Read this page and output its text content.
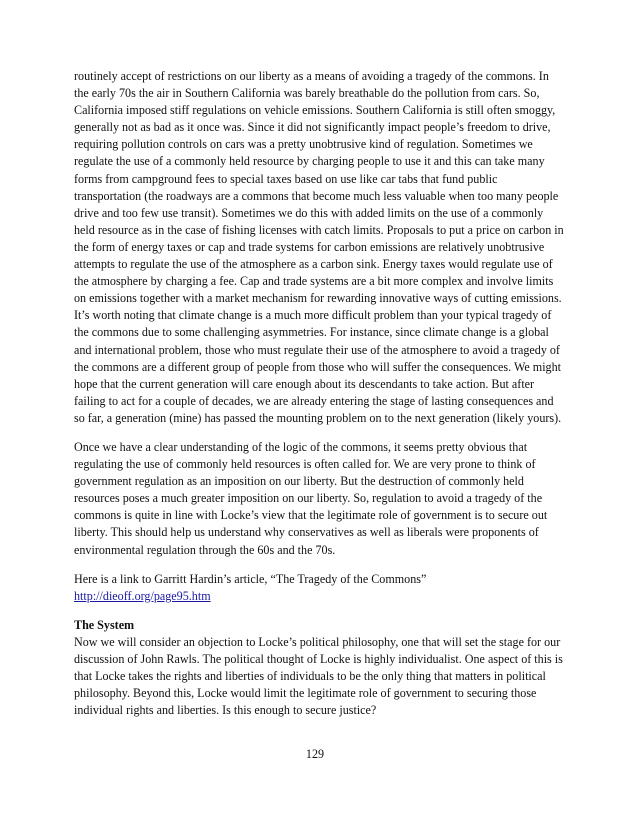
routinely accept of restrictions on our liberty as a means of avoiding a tragedy of the commons. In the early 70s the air in Southern California was barely breathable do the pollution from cars. So, California imposed stiff regulations on vehicle emissions. Southern California is still often smoggy, generally not as bad as it once was. Since it did not significantly impact people’s freedom to drive, requiring pollution controls on cars was a pretty unobtrusive kind of regulation. Sometimes we regulate the use of a commonly held resource by charging people to use it and this can take many forms from campground fees to special taxes based on use like car tabs that fund public transportation (the roadways are a commons that become much less valuable when too many people drive and too few use transit). Sometimes we do this with added limits on the use of a commonly held resource as in the case of fishing licenses with catch limits. Proposals to put a price on carbon in the form of energy taxes or cap and trade systems for carbon emissions are relatively unobtrusive attempts to regulate the use of the atmosphere as a carbon sink. Energy taxes would regulate use of the atmosphere by charging a fee. Cap and trade systems are a bit more complex and involve limits on emissions together with a market mechanism for rewarding innovative ways of cutting emissions. It’s worth noting that climate change is a much more difficult problem than your typical tragedy of the commons due to some challenging asymmetries. For instance, since climate change is a global and international problem, those who must regulate their use of the atmosphere to avoid a tragedy of the commons are a different group of people from those who will suffer the consequences. We might hope that the current generation will care enough about its descendants to take action. But after failing to act for a couple of decades, we are already entering the stage of lasting consequences and so far, a generation (mine) has passed the mounting problem on to the next generation (likely yours).

Once we have a clear understanding of the logic of the commons, it seems pretty obvious that regulating the use of commonly held resources is often called for. We are very prone to think of government regulation as an imposition on our liberty. But the destruction of commonly held resources poses a much greater imposition on our liberty. So, regulation to avoid a tragedy of the commons is quite in line with Locke’s view that the legitimate role of government is to secure out liberty. This should help us understand why conservatives as well as liberals were proponents of environmental regulation through the 60s and the 70s.

Here is a link to Garritt Hardin’s article, “The Tragedy of the Commons”
http://dieoff.org/page95.htm

The System

Now we will consider an objection to Locke’s political philosophy, one that will set the stage for our discussion of John Rawls. The political thought of Locke is highly individualist. One aspect of this is that Locke takes the rights and liberties of individuals to be the only thing that matters in political philosophy. Beyond this, Locke would limit the legitimate role of government to securing those individual rights and liberties. Is this enough to secure justice?

129
